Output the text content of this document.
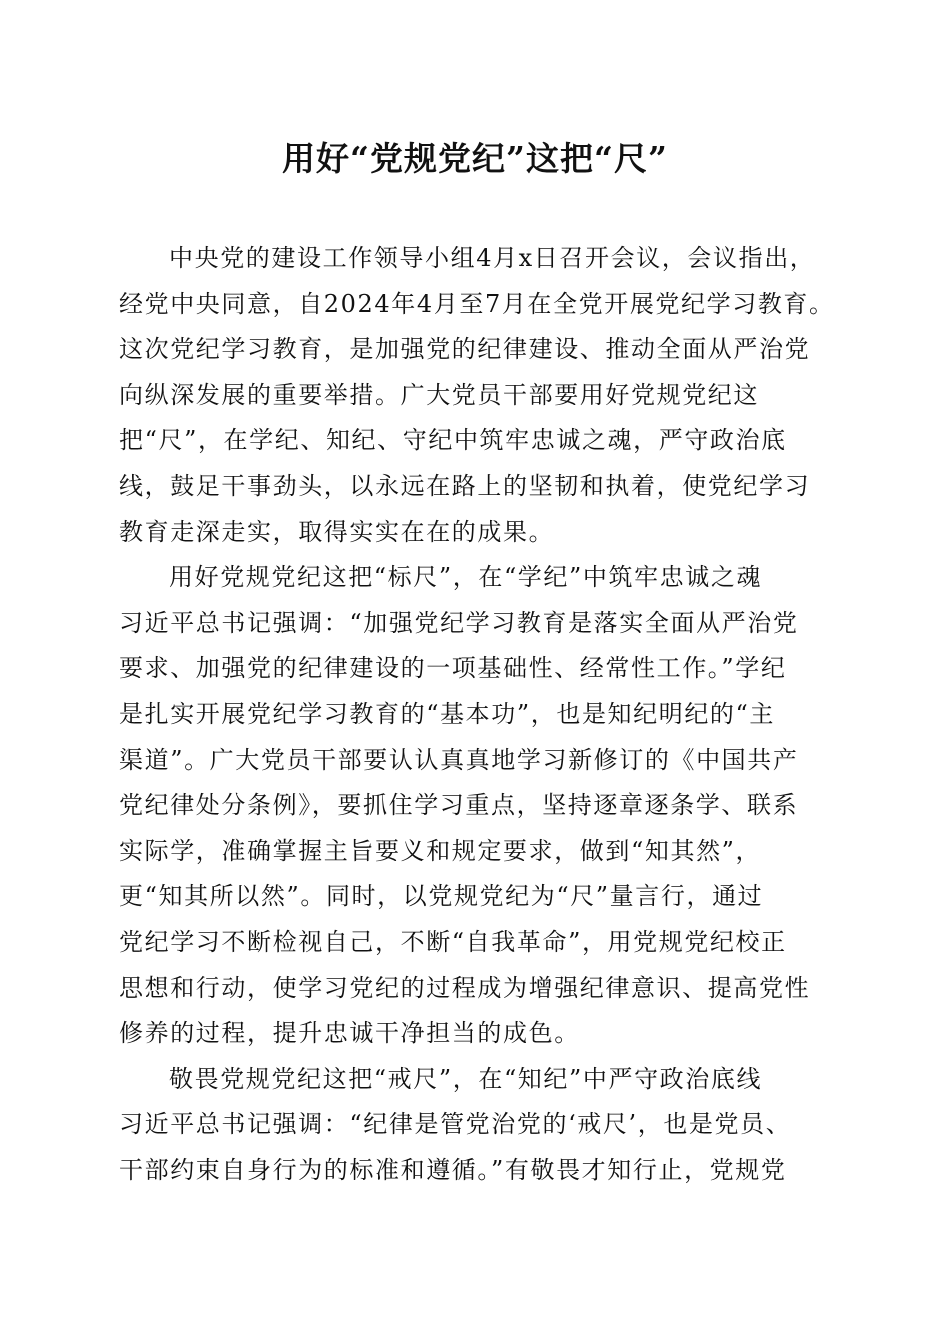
用好“党规党纪”这把“尺”
中央党的建设工作领导小组4月x日召开会议，会议指出，
经党中央同意，自2024年4月至7月在全党开展党纪学习教育。
这次党纪学习教育，是加强党的纪律建设、推动全面从严治党
向纵深发展的重要举措。广大党员干部要用好党规党纪这
把“尺”，在学纪、知纪、守纪中筑牢忠诚之魂，严守政治底
线，鼓足干事劲头，以永远在路上的坚韧和执着，使党纪学习
教育走深走实，取得实实在在的成果。
用好党规党纪这把“标尺”，在“学纪”中筑牢忠诚之魂
习近平总书记强调：“加强党纪学习教育是落实全面从严治党
要求、加强党的纪律建设的一项基础性、经常性工作。”学纪
是扎实开展党纪学习教育的“基本功”，也是知纪明纪的“主
渠道”。广大党员干部要认认真真地学习新修订的《中国共产
党纪律处分条例》，要抓住学习重点，坚持逐章逐条学、联系
实际学，准确掌握主旨要义和规定要求，做到“知其然”，
更“知其所以然”。同时，以党规党纪为“尺”量言行，通过
党纪学习不断检视自己，不断“自我革命”，用党规党纪校正
思想和行动，使学习党纪的过程成为增强纪律意识、提高党性
修养的过程，提升忠诚干净担当的成色。
敬畏党规党纪这把“戒尺”，在“知纪”中严守政治底线
习近平总书记强调：“纪律是管党治党的‘戒尺’，也是党员、
干部约束自身行为的标准和遵循。”有敬畏才知行止，党规党
